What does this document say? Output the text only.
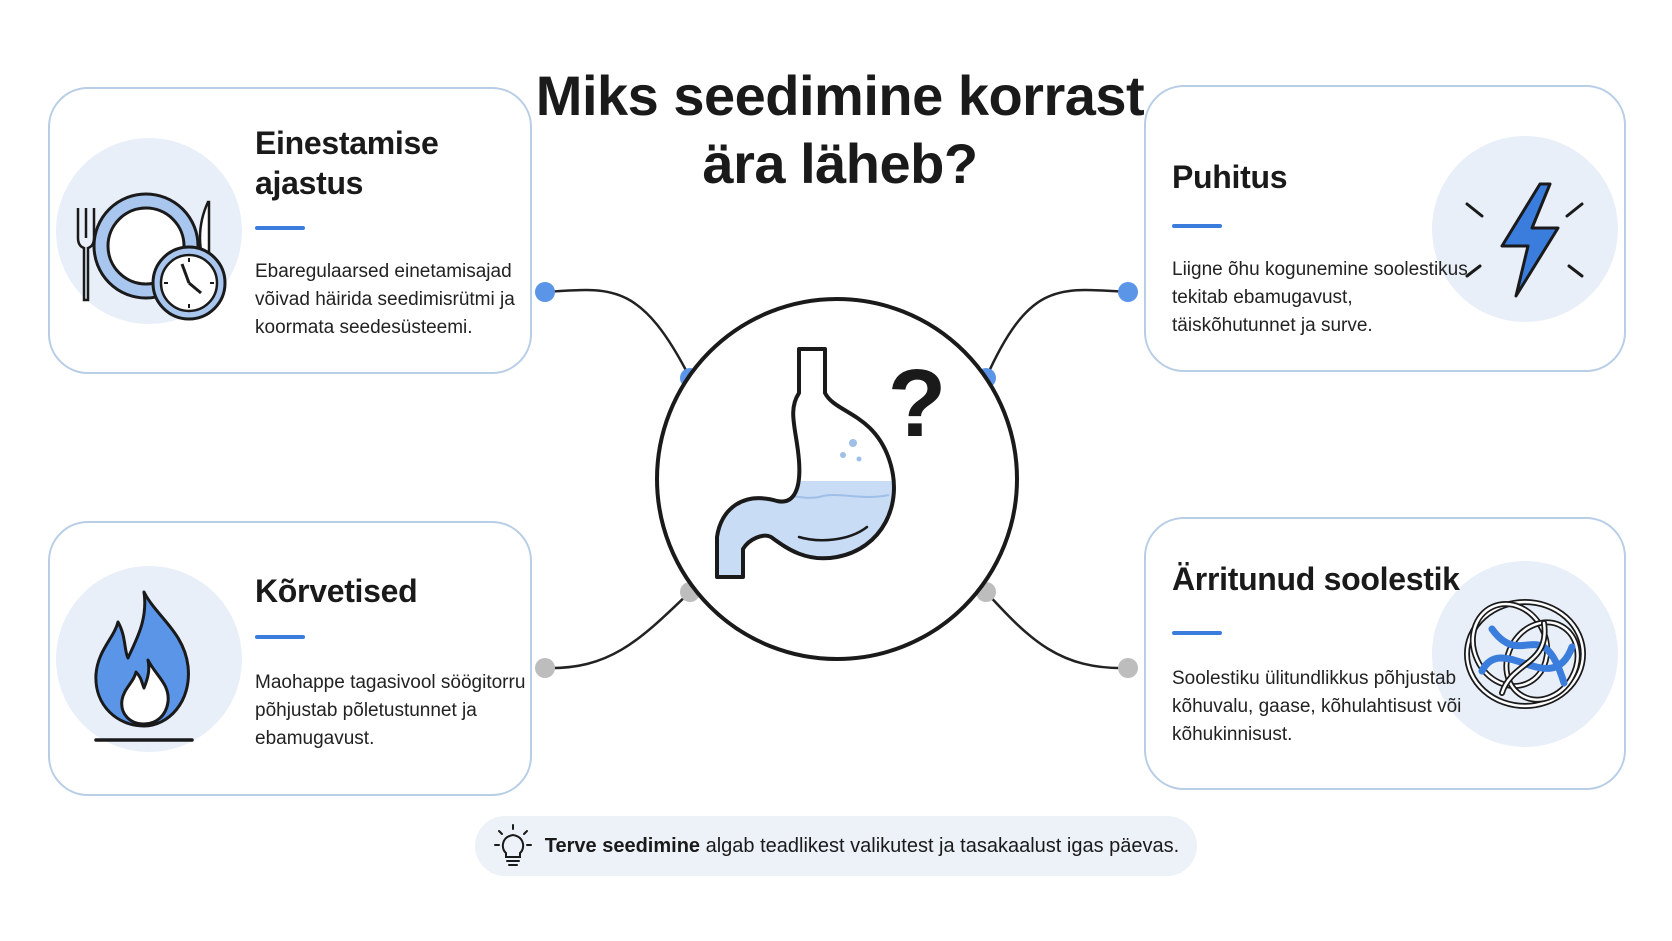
Miks seedimine korrast ära läheb?
Einestamise ajastus

Ebaregulaarsed einetamisajad võivad häirida seedimisrütmi ja koormata seedesüsteemi.

Puhitus

Liigne õhu kogunemine soolestikus tekitab ebamugavust, täiskõhutunnet ja surve.

Kõrvetised

Maohappe tagasivool söögitorru põhjustab põletustunnet ja ebamugavust.

Ärritunud soolestik

Soolestiku ülitundlikkus põhjustab kõhuvalu, gaase, kõhulahtisust või kõhukinnisust.

?
Terve seedimine algab teadlikest valikutest ja tasakaalust igas päevas.
